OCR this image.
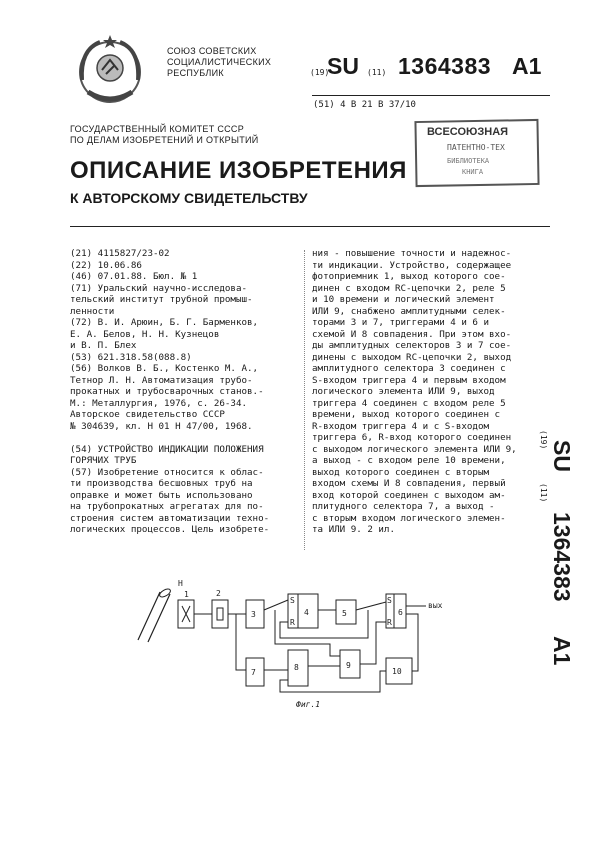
СОЮЗ СОВЕТСКИХ
СОЦИАЛИСТИЧЕСКИХ
РЕСПУБЛИК	(19)
SU (11) 1364383 A1
(51) 4 В 21 В 37/10
ВСЕСОЮЗНАЯ
ПАТЕНТНО-ТЕХ
БИБЛИОТЕКА
КНИГА
ГОСУДАРСТВЕННЫЙ КОМИТЕТ СССР
ПО ДЕЛАМ ИЗОБРЕТЕНИЙ И ОТКРЫТИЙ
ОПИСАНИЕ ИЗОБРЕТЕНИЯ
К АВТОРСКОМУ СВИДЕТЕЛЬСТВУ
(21) 4115827/23-02
(22) 10.06.86
(46) 07.01.88. Бюл. № 1
(71) Уральский научно-исследова-
тельский институт трубной промыш-
ленности
(72) В. И. Арюин, Б. Г. Барменков,
Е. А. Белов, Н. Н. Кузнецов
и В. П. Блех
(53) 621.318.58(088.8)
(56) Волков В. Б., Костенко М. А.,
Тетнор Л. Н. Автоматизация трубо-
прокатных и трубосварочных станов.-
М.: Металлургия, 1976, с. 26-34.
Авторское свидетельство СССР
№ 304639, кл. Н 01 Н 47/00, 1968.
(54) УСТРОЙСТВО ИНДИКАЦИИ ПОЛОЖЕНИЯ
ГОРЯЧИХ ТРУБ
(57) Изобретение относится к облас-
ти производства бесшовных труб на
оправке и может быть использовано
на трубопрокатных агрегатах для по-
строения систем автоматизации техно-
логических процессов. Цель изобрете-
ния - повышение точности и надежнос-
ти индикации. Устройство, содержащее
фотоприемник 1, выход которого сое-
динен с входом RC-цепочки 2, реле 5
и 10 времени и логический элемент
ИЛИ 9, снабжено амплитудными селек-
торами 3 и 7, триггерами 4 и 6 и
схемой И 8 совпадения. При этом вхо-
ды амплитудных селекторов 3 и 7 сое-
динены с выходом RC-цепочки 2, выход
амплитудного селектора 3 соединен с
S-входом триггера 4 и первым входом
логического элемента ИЛИ 9, выход
триггера 4 соединен с входом реле 5
времени, выход которого соединен с
R-входом триггера 4 и с S-входом
триггера 6, R-вход которого соединен
с выходом логического элемента ИЛИ 9,
а выход - с входом реле 10 времени,
выход которого соединен с вторым
входом схемы И 8 совпадения, первый
вход которой соединен с выходом ам-
плитудного селектора 7, а выход -
с вторым входом логического элемен-
та ИЛИ 9. 2 ил.
(19)
SU
(11)
1364383
A1
Н
1	2
3
S
R
4	5
S
R
6
вых
7
8	9
10
Фиг.1
